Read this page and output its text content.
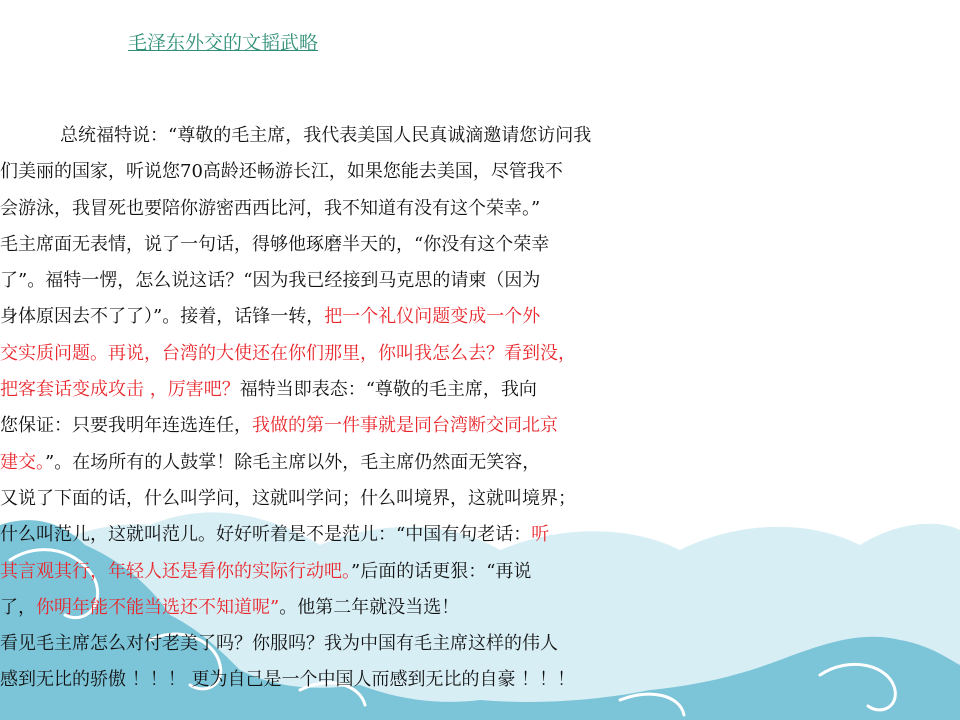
毛泽东外交的文韬武略
总统福特说：“尊敬的毛主席，我代表美国人民真诚滴邀请您访问我
们美丽的国家，听说您70高龄还畅游长江，如果您能去美国，尽管我不
会游泳，我冒死也要陪你游密西西比河，我不知道有没有这个荣幸。”
毛主席面无表情，说了一句话，得够他琢磨半天的，“你没有这个荣幸
了”。福特一愣，怎么说这话？“因为我已经接到马克思的请柬（因为
身体原因去不了了）”。接着，话锋一转，把一个礼仪问题变成一个外
交实质问题。再说，台湾的大使还在你们那里，你叫我怎么去？看到没，
把客套话变成攻击 ，厉害吧？福特当即表态：“尊敬的毛主席，我向
您保证：只要我明年连选连任，我做的第一件事就是同台湾断交同北京
建交。”。在场所有的人鼓掌！除毛主席以外，毛主席仍然面无笑容，
又说了下面的话，什么叫学问，这就叫学问；什么叫境界，这就叫境界；
什么叫范儿，这就叫范儿。好好听着是不是范儿：“中国有句老话：听
其言观其行，年轻人还是看你的实际行动吧。”后面的话更狠：“再说
了，你明年能不能当选还不知道呢”。他第二年就没当选！
看见毛主席怎么对付老美了吗？你服吗？我为中国有毛主席这样的伟人
感到无比的骄傲 ！！！ 更为自己是一个中国人而感到无比的自豪 ！！！
